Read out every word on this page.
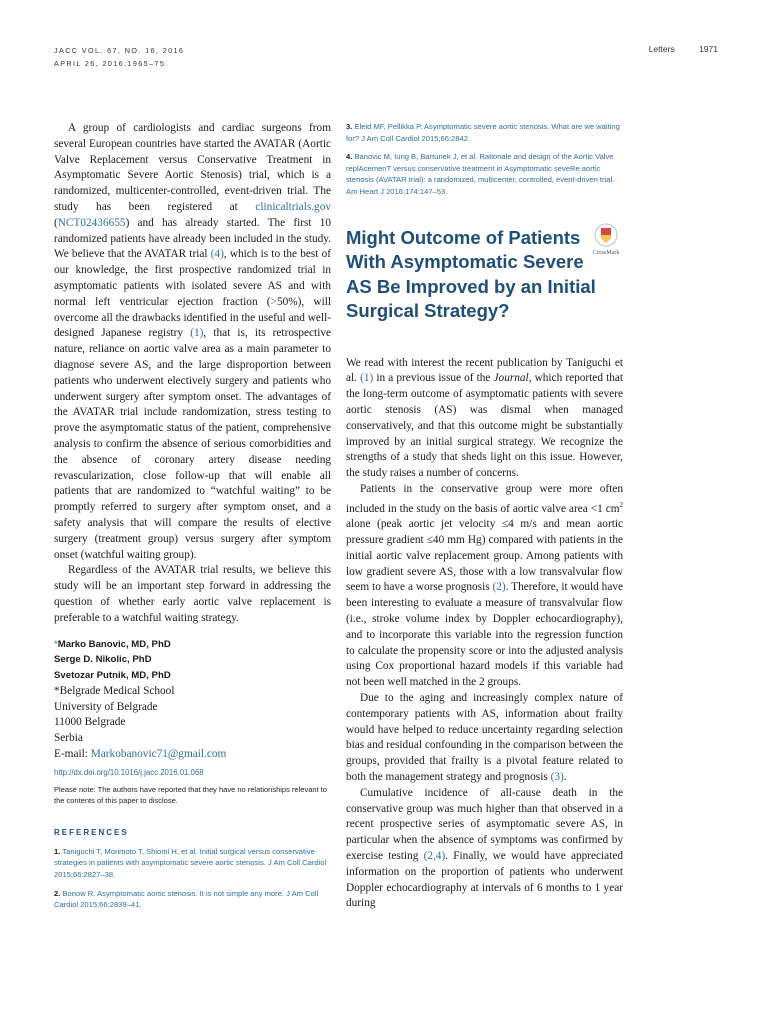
JACC VOL. 67, NO. 16, 2016
APRIL 26, 2016:1965–75
Letters	1971

A group of cardiologists and cardiac surgeons from several European countries have started the AVATAR (Aortic Valve Replacement versus Conservative Treatment in Asymptomatic Severe Aortic Stenosis) trial, which is a randomized, multicenter-controlled, event-driven trial. The study has been registered at clinicaltrials.gov (NCT02436655) and has already started. The first 10 randomized patients have already been included in the study. We believe that the AVATAR trial (4), which is to the best of our knowledge, the first prospective randomized trial in asymptomatic patients with isolated severe AS and with normal left ventricular ejection fraction (>50%), will overcome all the drawbacks identified in the useful and well-designed Japanese registry (1), that is, its retrospective nature, reliance on aortic valve area as a main parameter to diagnose severe AS, and the large disproportion between patients who underwent electively surgery and patients who underwent surgery after symptom onset. The advantages of the AVATAR trial include randomization, stress testing to prove the asymptomatic status of the patient, comprehensive analysis to confirm the absence of serious comorbidities and the absence of coronary artery disease needing revascularization, close follow-up that will enable all patients that are randomized to “watchful waiting” to be promptly referred to surgery after symptom onset, and a safety analysis that will compare the results of elective surgery (treatment group) versus surgery after symptom onset (watchful waiting group).

Regardless of the AVATAR trial results, we believe this study will be an important step forward in addressing the question of whether early aortic valve replacement is preferable to a watchful waiting strategy.

*Marko Banovic, MD, PhD
Serge D. Nikolic, PhD
Svetozar Putnik, MD, PhD
*Belgrade Medical School
University of Belgrade
11000 Belgrade
Serbia
E-mail: Markobanovic71@gmail.com
http://dx.doi.org/10.1016/j.jacc.2016.01.068
Please note: The authors have reported that they have no relationships relevant to the contents of this paper to disclose.
REFERENCES
1. Taniguchi T, Morimoto T, Shiomi H, et al. Initial surgical versus conservative strategies in patients with asymptomatic severe aortic stenosis. J Am Coll Cardiol 2015;66:2827–38.
2. Bonow R. Asymptomatic aortic stenosis. It is not simple any more. J Am Coll Cardiol 2015;66:2839–41.
3. Eleid MF, Pellikka P. Asymptomatic severe aortic stenosis. What are we waiting for? J Am Coll Cardiol 2015;66:2842.
4. Banovic M, Iung B, Bartunek J, et al. Rationale and design of the Aortic Valve replAcemenT versus conservative treatment in Asymptomatic seveRe aortic stenosis (AVATAR trial): a randomized, multicenter, controlled, event-driven trial. Am Heart J 2016;174:147–53.
Might Outcome of Patients With Asymptomatic Severe AS Be Improved by an Initial Surgical Strategy?
CrossMark

We read with interest the recent publication by Taniguchi et al. (1) in a previous issue of the Journal, which reported that the long-term outcome of asymptomatic patients with severe aortic stenosis (AS) was dismal when managed conservatively, and that this outcome might be substantially improved by an initial surgical strategy. We recognize the strengths of a study that sheds light on this issue. However, the study raises a number of concerns.

Patients in the conservative group were more often included in the study on the basis of aortic valve area <1 $cm^2$ alone (peak aortic jet velocity ≤4 m/s and mean aortic pressure gradient ≤40 mm Hg) compared with patients in the initial aortic valve replacement group. Among patients with low gradient severe AS, those with a low transvalvular flow seem to have a worse prognosis (2). Therefore, it would have been interesting to evaluate a measure of transvalvular flow (i.e., stroke volume index by Doppler echocardiography), and to incorporate this variable into the regression function to calculate the propensity score or into the adjusted analysis using Cox proportional hazard models if this variable had not been well matched in the 2 groups.

Due to the aging and increasingly complex nature of contemporary patients with AS, information about frailty would have helped to reduce uncertainty regarding selection bias and residual confounding in the comparison between the groups, provided that frailty is a pivotal feature related to both the management strategy and prognosis (3).

Cumulative incidence of all-cause death in the conservative group was much higher than that observed in a recent prospective series of asymptomatic severe AS, in particular when the absence of symptoms was confirmed by exercise testing (2,4). Finally, we would have appreciated information on the proportion of patients who underwent Doppler echocardiography at intervals of 6 months to 1 year during
